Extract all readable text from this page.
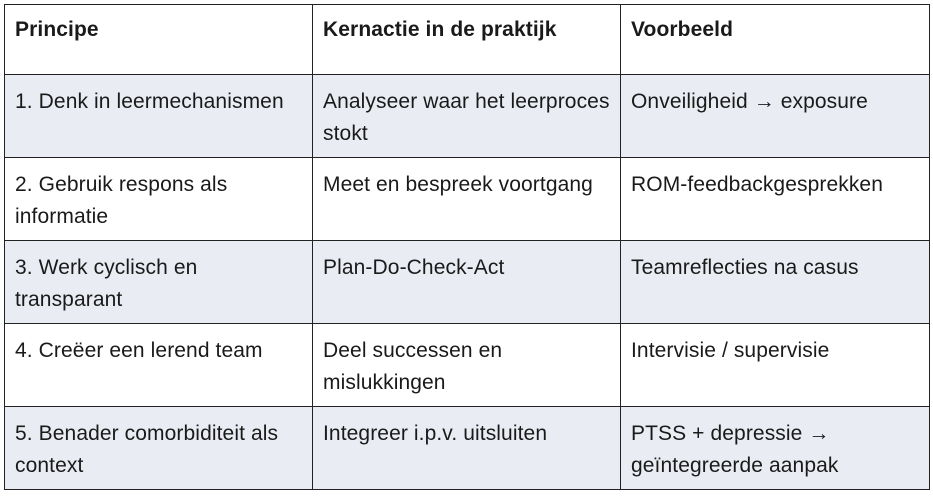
Principe	Kernactie in de praktijk	Voorbeeld
1. Denk in leermechanismen	Analyseer waar het leerproces stokt	Onveiligheid → exposure
2. Gebruik respons als informatie	Meet en bespreek voortgang	ROM-feedbackgesprekken
3. Werk cyclisch en transparant	Plan-Do-Check-Act	Teamreflecties na casus
4. Creëer een lerend team	Deel successen en mislukkingen	Intervisie / supervisie
5. Benader comorbiditeit als context	Integreer i.p.v. uitsluiten	PTSS + depressie → geïntegreerde aanpak
